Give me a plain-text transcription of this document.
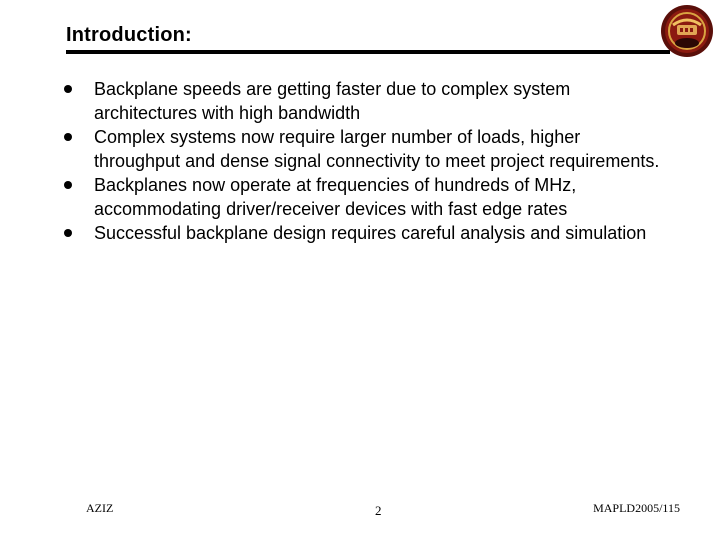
Introduction:
Backplane speeds are getting faster due to complex system architectures with high bandwidth
Complex systems now require larger number of loads, higher throughput and dense signal connectivity to meet project requirements.
Backplanes now operate at frequencies of hundreds of MHz, accommodating driver/receiver devices with fast edge rates
Successful backplane design requires careful analysis and simulation
AZIZ	2	MAPLD2005/115
